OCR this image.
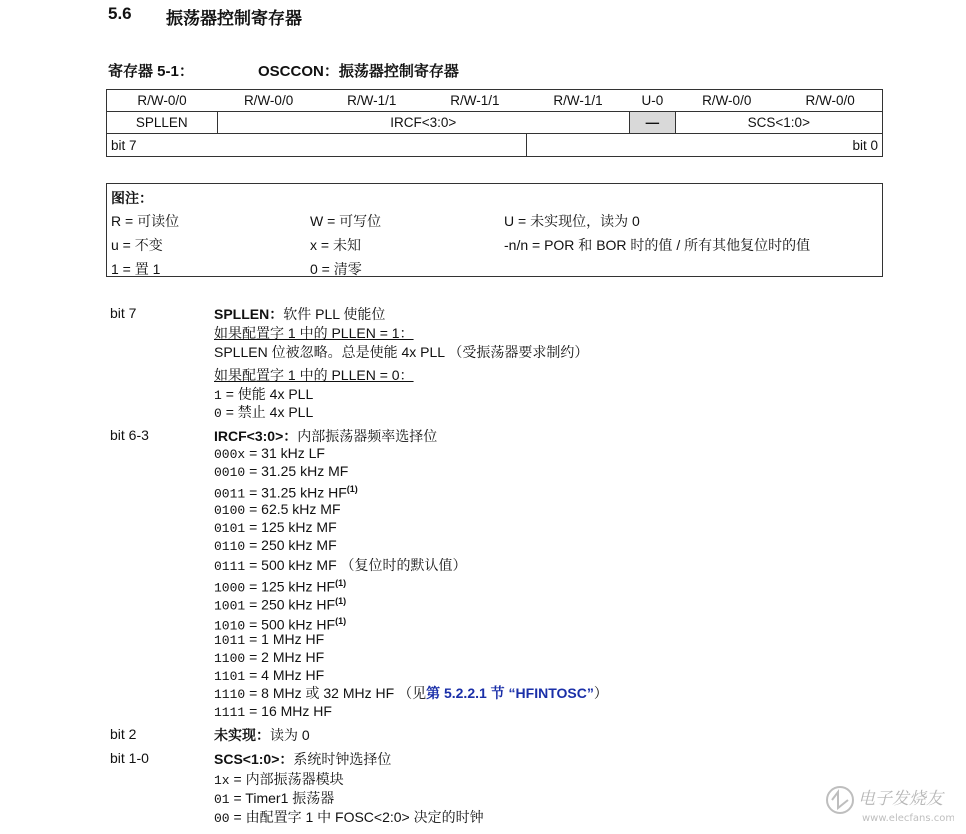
5.6 振荡器控制寄存器
寄存器 5-1：	OSCCON：振荡器控制寄存器
R/W-0/0	R/W-0/0	R/W-1/1	R/W-1/1	R/W-1/1	U-0	R/W-0/0	R/W-0/0
SPLLEN	IRCF<3:0>				—	SCS<1:0>	
bit 7				bit 0			
图注：
R = 可读位	W = 可写位	U = 未实现位，读为 0
u = 不变	x = 未知	-n/n = POR 和 BOR 时的值 / 所有其他复位时的值
1 = 置 1	0 = 清零
bit 7	SPLLEN：软件 PLL 使能位
如果配置字 1 中的 PLLEN = 1：
SPLLEN 位被忽略。总是使能 4x PLL （受振荡器要求制约）
如果配置字 1 中的 PLLEN = 0：
1 = 使能 4x PLL
0 = 禁止 4x PLL
bit 6-3	IRCF<3:0>：内部振荡器频率选择位
000x = 31 kHz LF
0010 = 31.25 kHz MF
0011 = 31.25 kHz HF$^{(1)}$
0100 = 62.5 kHz MF
0101 = 125 kHz MF
0110 = 250 kHz MF
0111 = 500 kHz MF （复位时的默认值）
1000 = 125 kHz HF$^{(1)}$
1001 = 250 kHz HF$^{(1)}$
1010 = 500 kHz HF$^{(1)}$
1011 = 1 MHz HF
1100 = 2 MHz HF
1101 = 4 MHz HF
1110 = 8 MHz 或 32 MHz HF （见第 5.2.2.1 节 “HFINTOSC”）
1111 = 16 MHz HF
bit 2	未实现：读为 0
bit 1-0	SCS<1:0>：系统时钟选择位
1x = 内部振荡器模块
01 = Timer1 振荡器
00 = 由配置字 1 中 FOSC<2:0> 决定的时钟
电子发烧友
www.elecfans.com
